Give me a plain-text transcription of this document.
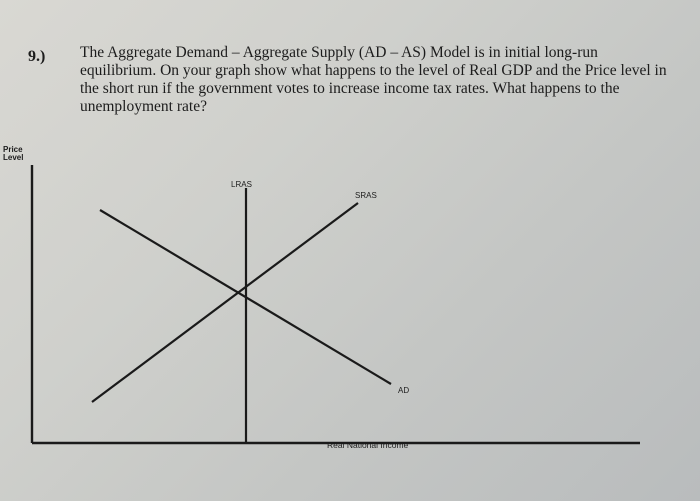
9.) The Aggregate Demand – Aggregate Supply (AD – AS) Model is in initial long-run equilibrium. On your graph show what happens to the level of Real GDP and the Price level in the short run if the government votes to increase income tax rates. What happens to the unemployment rate?
Price Level
LRAS
SRAS
AD
Real National Income
